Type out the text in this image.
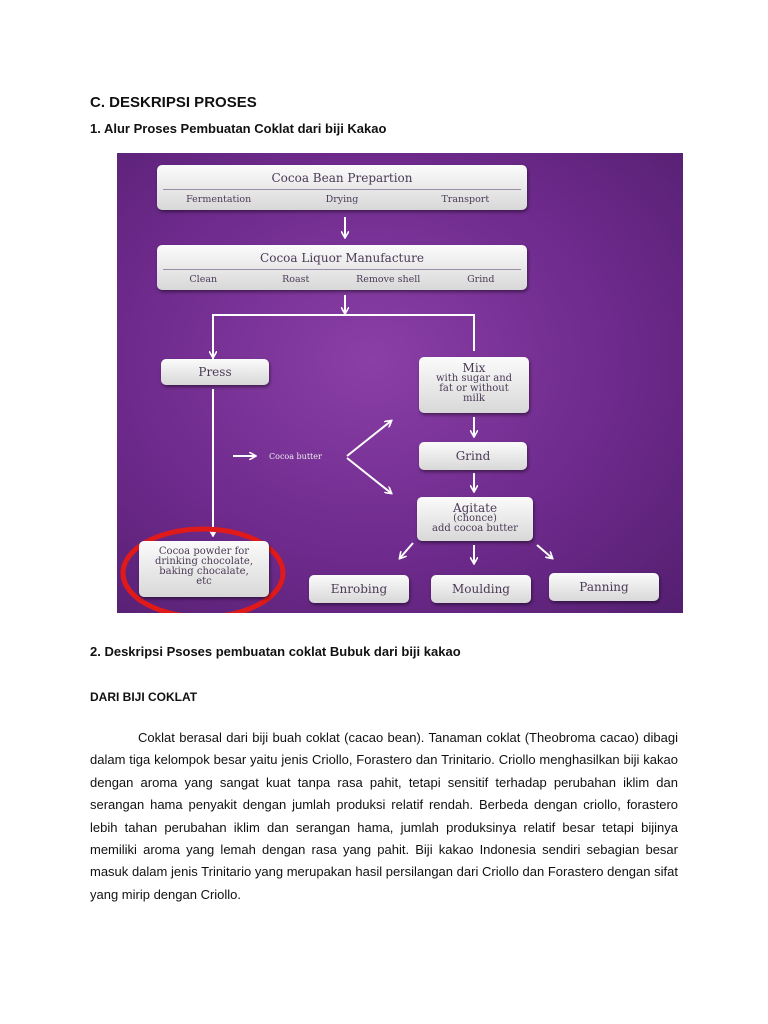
C. DESKRIPSI PROSES
1. Alur Proses Pembuatan Coklat dari biji Kakao
Cocoa Bean Prepartion
Fermentation	Drying	Transport
Cocoa Liquor Manufacture
Clean	Roast	Remove shell	Grind
Press	Mix
with sugar and
fat or without
milk
Cocoa butter	Grind
Agitate
(chonce)
add cocoa butter
Cocoa powder for
drinking chocolate,
baking chocalate,
etc
Enrobing	Moulding	Panning
2. Deskripsi Psoses pembuatan coklat Bubuk dari biji kakao
DARI BIJI COKLAT

Coklat berasal dari biji buah coklat (cacao bean). Tanaman coklat (Theobroma cacao) dibagi dalam tiga kelompok besar yaitu jenis Criollo, Forastero dan Trinitario. Criollo menghasilkan biji kakao dengan aroma yang sangat kuat tanpa rasa pahit, tetapi sensitif terhadap perubahan iklim dan serangan hama penyakit dengan jumlah produksi relatif rendah. Berbeda dengan criollo, forastero lebih tahan perubahan iklim dan serangan hama, jumlah produksinya relatif besar tetapi bijinya memiliki aroma yang lemah dengan rasa yang pahit. Biji kakao Indonesia sendiri sebagian besar masuk dalam jenis Trinitario yang merupakan hasil persilangan dari Criollo dan Forastero dengan sifat yang mirip dengan Criollo.
